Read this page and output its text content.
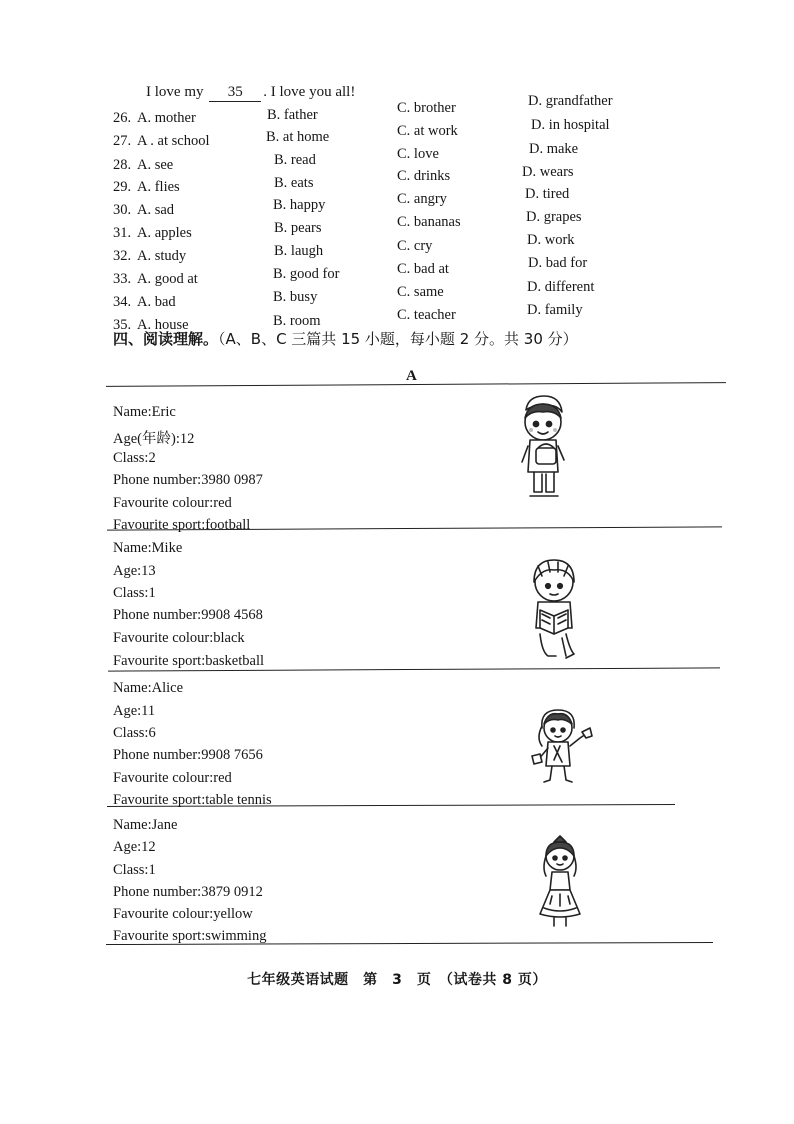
I love my 35 . I love you all!
26. A. mother	B. father	C. brother	D. grandfather
27. A . at school	B. at home	C. at work	D. in hospital
28. A. see	B. read	C. love	D. make
29. A. flies	B. eats	C. drinks	D. wears
30. A. sad	B. happy	C. angry	D. tired
31. A. apples	B. pears	C. bananas	D. grapes
32. A. study	B. laugh	C. cry	D. work
33. A. good at	B. good for	C. bad at	D. bad for
34. A. bad	B. busy	C. same	D. different
35. A. house	B. room	C. teacher	D. family
四、阅读理解。（A、B、C 三篇共 15 小题，每小题 2 分。共 30 分）
A
Name:Eric
Age(年龄):12
Class:2
Phone number:3980 0987
Favourite colour:red
Favourite sport:football
Name:Mike
Age:13
Class:1
Phone number:9908 4568
Favourite colour:black
Favourite sport:basketball
Name:Alice
Age:11
Class:6
Phone number:9908 7656
Favourite colour:red
Favourite sport:table tennis
Name:Jane
Age:12
Class:1
Phone number:3879 0912
Favourite colour:yellow
Favourite sport:swimming
七年级英语试题　第　3　页　（试卷共 8 页）
